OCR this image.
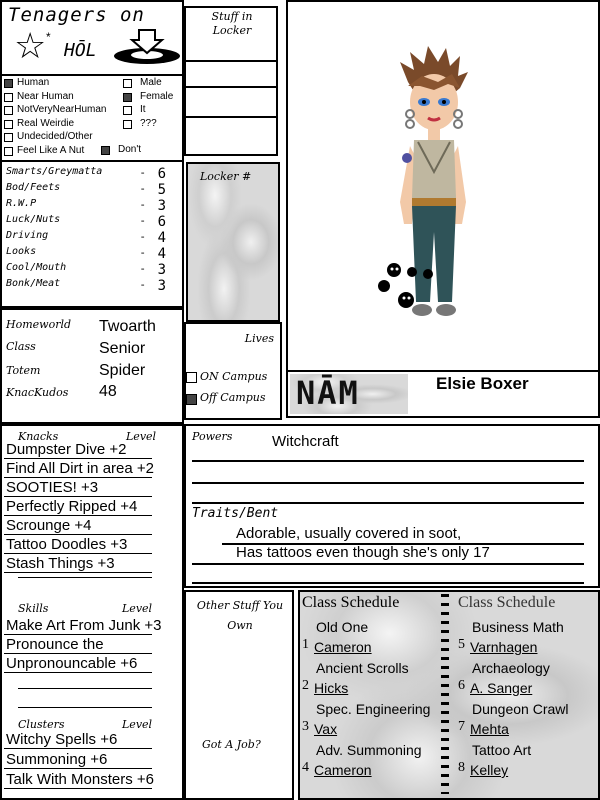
Tenagers on
☆ *
HŌL
Human
Near Human
NotVeryNearHuman
Real Weirdie
Undecided/Other
Feel Like A Nut
Male
Female
It
???
Don't
Stuff in Locker
Smarts/Greymatta	- 6
Bod/Feets	- 5
R.W.P	- 3
Luck/Nuts	- 6
Driving	- 4
Looks	- 4
Cool/Mouth	- 3
Bonk/Meat	- 3
Locker #
Homeworld Twoarth
Class	Senior
Totem	Spider
KnacKudos 48
Lives
ON Campus
Off Campus NĀM	Elsie Boxer
Knacks	Level
Dumpster Dive +2
Find All Dirt in area +2
SOOTIES! +3
Perfectly Ripped +4
Scrounge +4
Tattoo Doodles +3
Stash Things +3
Skills	Level
Make Art From Junk +3
Pronounce the
Unpronouncable +6
Clusters	Level
Witchy Spells +6
Summoning +6
Talk With Monsters +6
Powers	Witchcraft
Traits/Bent
Adorable, usually covered in soot,
Has tattoos even though she's only 17
Other Stuff You Own
Got A Job?
Class Schedule	Class Schedule
Old One
1 Cameron
Ancient Scrolls
2 Hicks
Spec. Engineering
3 Vax
Adv. Summoning
4 Cameron
Business Math
5 Varnhagen
Archaeology
6 A. Sanger
Dungeon Crawl
7 Mehta
Tattoo Art
8 Kelley
